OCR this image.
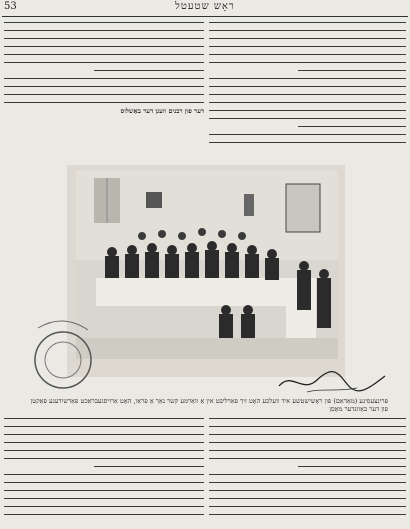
53	ראָש שטעטל
דער פון רבנים וועגן דער באַשלוס
פּרינצעסינע (מאַדאַם) פון ראָשישטשע איד וועלכע האָט זיך פאַרליבט אין אַ וואַרמע קשר נאַך אַ פראַו, האָט אַרויסגעבראַכט פאַרשידענע פאַקטן פון דער באַזונדער מאָסן
